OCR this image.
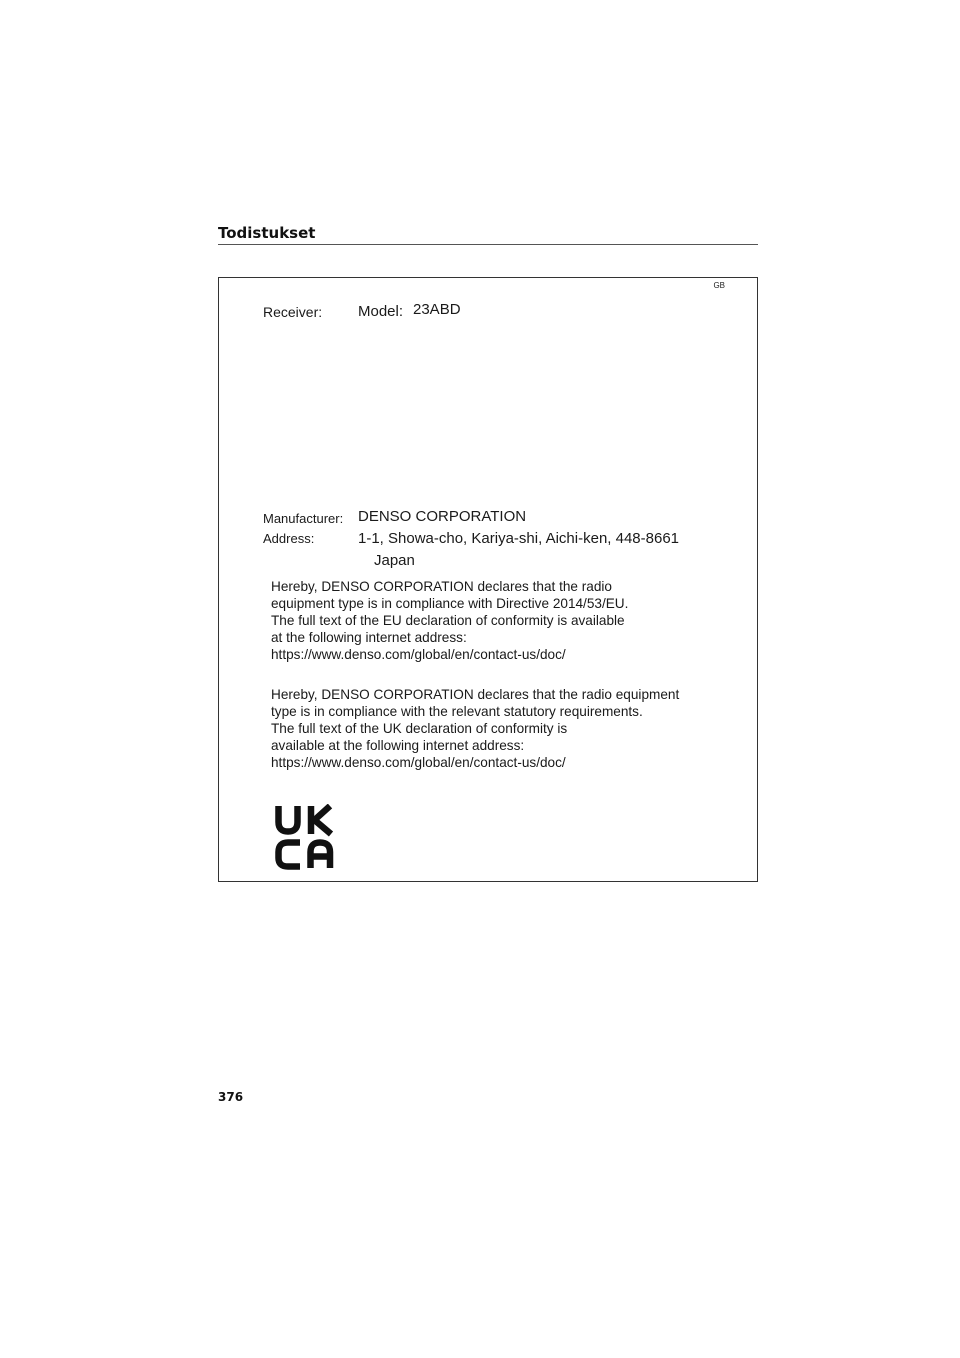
Todistukset
GB
Receiver: Model: 23ABD
Manufacturer: DENSO CORPORATION
Address:	1-1, Showa-cho, Kariya-shi, Aichi-ken, 448-8661
Japan
Hereby, DENSO CORPORATION declares that the radio
equipment type is in compliance with Directive 2014/53/EU.
The full text of the EU declaration of conformity is available
at the following internet address:
https://www.denso.com/global/en/contact-us/doc/
Hereby, DENSO CORPORATION declares that the radio equipment
type is in compliance with the relevant statutory requirements.
The full text of the UK declaration of conformity is
available at the following internet address:
https://www.denso.com/global/en/contact-us/doc/
376
